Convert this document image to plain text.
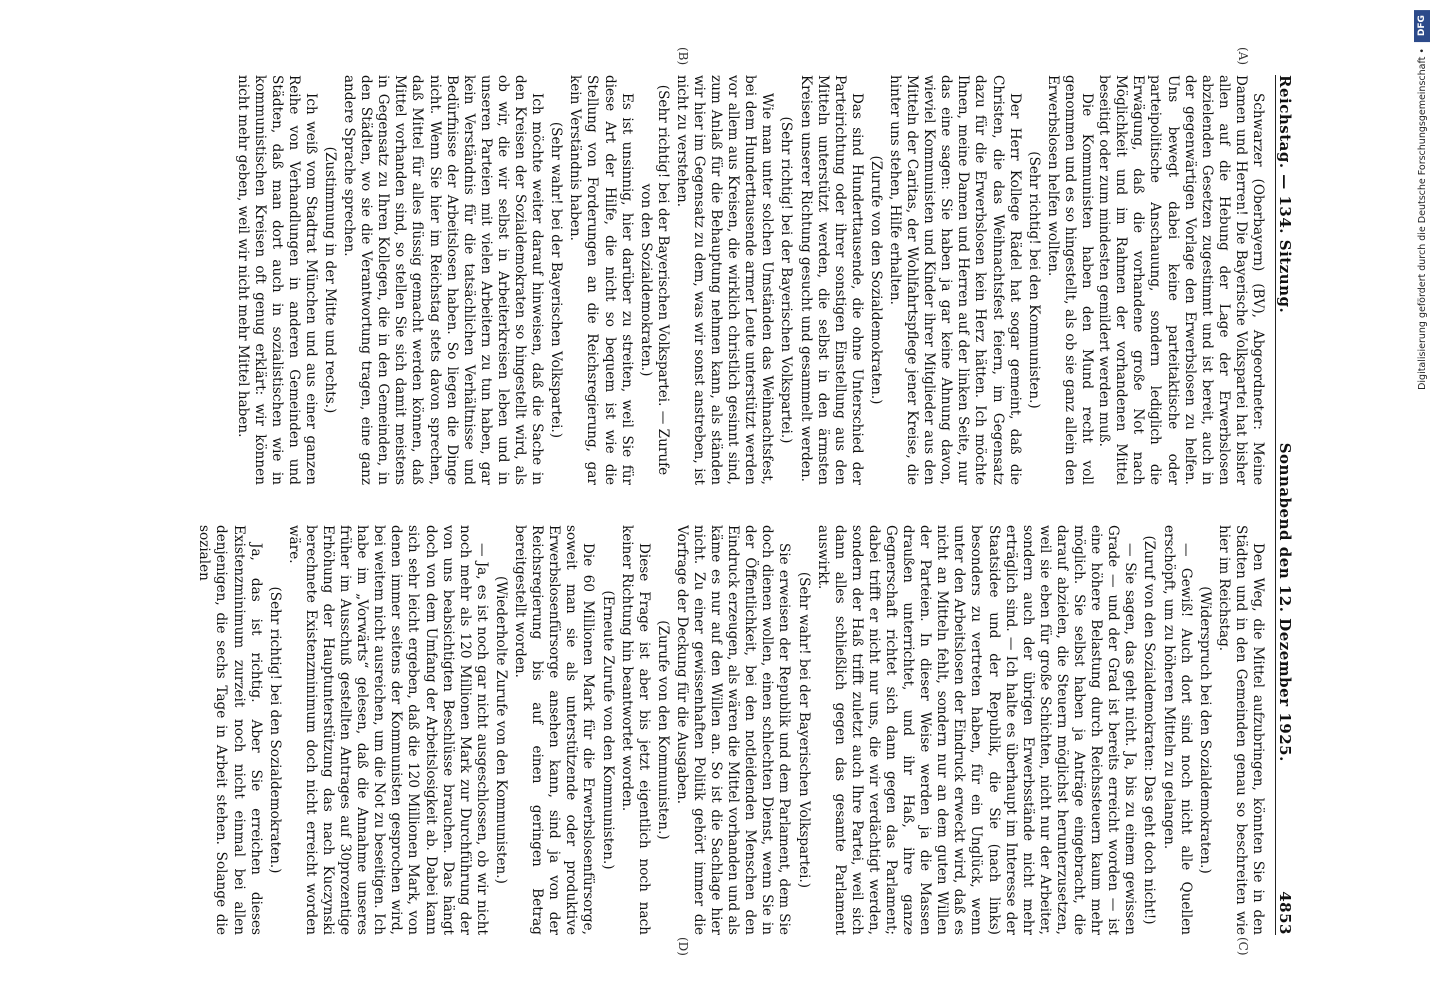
Reichstag. — 134. Sitzung.
Sonnabend den 12. Dezember 1925.
4853

Schwarzer (Oberbayern) (BV), Abgeordneter: Meine Damen und Herren! Die Bayerische Volkspartei hat bisher allen auf die Hebung der Lage der Erwerbslosen abzielenden Gesetzen zugestimmt und ist bereit, auch in der gegenwärtigen Vorlage den Erwerbslosen zu helfen. Uns bewegt dabei keine parteitaktische oder parteipolitische Anschauung, sondern lediglich die Erwägung, daß die vorhandene große Not nach Möglichkeit und im Rahmen der vorhandenen Mittel beseitigt oder zum mindesten gemildert werden muß.

Die Kommunisten haben den Mund recht voll genommen und es so hingestellt, als ob sie ganz allein den Erwerbslosen helfen wollten.

(Sehr richtig! bei den Kommunisten.)

Der Herr Kollege Rädel hat sogar gemeint, daß die Christen, die das Weihnachtsfest feiern, im Gegensatz dazu für die Erwerbslosen kein Herz hätten. Ich möchte Ihnen, meine Damen und Herren auf der linken Seite, nur das eine sagen: Sie haben ja gar keine Ahnung davon, wieviel Kommunisten und Kinder ihrer Mitglieder aus den Mitteln der Caritas, der Wohlfahrtspflege jener Kreise, die hinter uns stehen, Hilfe erhalten.

(Zurufe von den Sozialdemokraten.)

Das sind Hunderttausende, die ohne Unterschied der Parteirichtung oder ihrer sonstigen Einstellung aus den Mitteln unterstützt werden, die selbst in den ärmsten Kreisen unserer Richtung gesucht und gesammelt werden.

(Sehr richtig! bei der Bayerischen Volkspartei.)

Wie man unter solchen Umständen das Weihnachtsfest, bei dem Hunderttausende armer Leute unterstützt werden vor allem aus Kreisen, die wirklich christlich gesinnt sind, zum Anlaß für die Behauptung nehmen kann, als ständen wir hier im Gegensatz zu dem, was wir sonst anstreben, ist nicht zu verstehen.

(Sehr richtig! bei der Bayerischen Volkspartei. — Zurufe von den Sozialdemokraten.)

Es ist unsinnig, hier darüber zu streiten, weil Sie für diese Art der Hilfe, die nicht so bequem ist wie die Stellung von Forderungen an die Reichsregierung, gar kein Verständnis haben.

(Sehr wahr! bei der Bayerischen Volkspartei.)

Ich möchte weiter darauf hinweisen, daß die Sache in den Kreisen der Sozialdemokraten so hingestellt wird, als ob wir, die wir selbst in Arbeiterkreisen leben und in unseren Parteien mit vielen Arbeitern zu tun haben, gar kein Verständnis für die tatsächlichen Verhältnisse und Bedürfnisse der Arbeitslosen haben. So liegen die Dinge nicht. Wenn Sie hier im Reichstag stets davon sprechen, daß Mittel für alles flüssig gemacht werden können, daß Mittel vorhanden sind, so stellen Sie sich damit meistens in Gegensatz zu Ihren Kollegen, die in den Gemeinden, in den Städten, wo sie die Verantwortung tragen, eine ganz andere Sprache sprechen.

(Zustimmung in der Mitte und rechts.)

Ich weiß vom Stadtrat München und aus einer ganzen Reihe von Verhandlungen in anderen Gemeinden und Städten, daß man dort auch in sozialistischen wie in kommunistischen Kreisen oft genug erklärt: wir können nicht mehr geben, weil wir nicht mehr Mittel haben.

Den Weg, die Mittel aufzubringen, könnten Sie in den Städten und in den Gemeinden genau so beschreiten wie hier im Reichstag.

(Widerspruch bei den Sozialdemokraten.)

— Gewiß! Auch dort sind noch nicht alle Quellen erschöpft, um zu höheren Mitteln zu gelangen.

(Zuruf von den Sozialdemokraten: Das geht doch nicht!)

— Sie sagen, das geht nicht. Ja, bis zu einem gewissen Grade — und der Grad ist bereits erreicht worden — ist eine höhere Belastung durch Reichssteuern kaum mehr möglich. Sie selbst haben ja Anträge eingebracht, die darauf abzielen, die Steuern möglichst herunterzusetzen, weil sie eben für große Schichten, nicht nur der Arbeiter, sondern auch der übrigen Erwerbsstände nicht mehr erträglich sind. — Ich halte es überhaupt im Interesse der Staatsidee und der Republik, die Sie (nach links) besonders zu vertreten haben, für ein Unglück, wenn unter den Arbeitslosen der Eindruck erweckt wird, daß es nicht an Mitteln fehlt, sondern nur an dem guten Willen der Parteien. In dieser Weise werden ja die Massen draußen unterrichtet, und ihr Haß, ihre ganze Gegnerschaft richtet sich dann gegen das Parlament; dabei trifft er nicht nur uns, die wir verdächtigt werden, sondern der Haß trifft zuletzt auch Ihre Partei, weil sich dann alles schließlich gegen das gesamte Parlament auswirkt.

(Sehr wahr! bei der Bayerischen Volkspartei.)

Sie erweisen der Republik und dem Parlament, dem Sie doch dienen wollen, einen schlechten Dienst, wenn Sie in der Öffentlichkeit, bei den notleidenden Menschen den Eindruck erzeugen, als wären die Mittel vorhanden und als käme es nur auf den Willen an. So ist die Sachlage hier nicht. Zu einer gewissenhaften Politik gehört immer die Vorfrage der Deckung für die Ausgaben.

(Zurufe von den Kommunisten.)

Diese Frage ist aber bis jetzt eigentlich noch nach keiner Richtung hin beantwortet worden.

(Erneute Zurufe von den Kommunisten.)

Die 60 Millionen Mark für die Erwerbslosenfürsorge, soweit man sie als unterstützende oder produktive Erwerbslosenfürsorge ansehen kann, sind ja von der Reichsregierung bis auf einen geringen Betrag bereitgestellt worden.

(Wiederholte Zurufe von den Kommunisten.)

— Ja, es ist noch gar nicht ausgeschlossen, ob wir nicht noch mehr als 120 Millionen Mark zur Durchführung der von uns beabsichtigten Beschlüsse brauchen. Das hängt doch von dem Umfang der Arbeitslosigkeit ab. Dabei kann sich sehr leicht ergeben, daß die 120 Millionen Mark, von denen immer seitens der Kommunisten gesprochen wird, bei weitem nicht ausreichen, um die Not zu beseitigen. Ich habe im „Vorwärts“ gelesen, daß die Annahme unseres früher im Ausschuß gestellten Antrages auf 30prozentige Erhöhung der Hauptunterstützung das nach Kuczynski berechnete Existenzminimum doch nicht erreicht worden wäre.

(Sehr richtig! bei den Sozialdemokraten.)

Ja, das ist richtig. Aber Sie erreichen dieses Existenzminimum zurzeit noch nicht einmal bei allen denjenigen, die sechs Tage in Arbeit stehen. Solange die sozialen

(A)
(B)
(C)
(D)
DFG
Digitalisierung gefördert durch die Deutsche Forschungsgemeinschaft •
